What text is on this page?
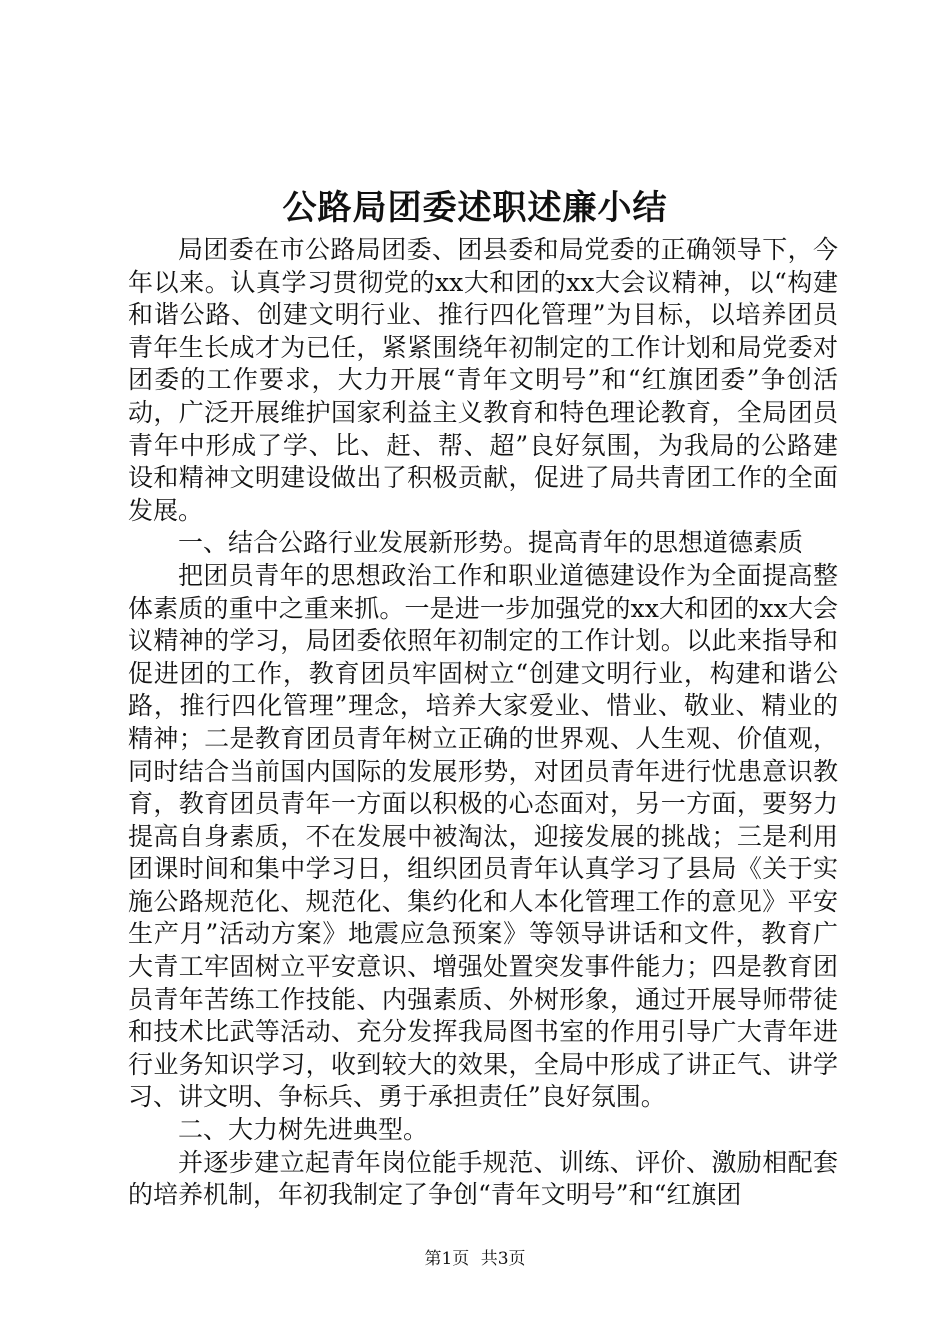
公路局团委述职述廉小结

局团委在市公路局团委、团县委和局党委的正确领导下，今年以来。认真学习贯彻党的xx大和团的xx大会议精神，以“构建和谐公路、创建文明行业、推行四化管理”为目标，以培养团员青年生长成才为已任，紧紧围绕年初制定的工作计划和局党委对团委的工作要求，大力开展“青年文明号”和“红旗团委”争创活动，广泛开展维护国家利益主义教育和特色理论教育，全局团员青年中形成了学、比、赶、帮、超”良好氛围，为我局的公路建设和精神文明建设做出了积极贡献，促进了局共青团工作的全面发展。

一、结合公路行业发展新形势。提高青年的思想道德素质

把团员青年的思想政治工作和职业道德建设作为全面提高整体素质的重中之重来抓。一是进一步加强党的xx大和团的xx大会议精神的学习，局团委依照年初制定的工作计划。以此来指导和促进团的工作，教育团员牢固树立“创建文明行业，构建和谐公路，推行四化管理”理念，培养大家爱业、惜业、敬业、精业的精神；二是教育团员青年树立正确的世界观、人生观、价值观，同时结合当前国内国际的发展形势，对团员青年进行忧患意识教育，教育团员青年一方面以积极的心态面对，另一方面，要努力提高自身素质，不在发展中被淘汰，迎接发展的挑战；三是利用团课时间和集中学习日，组织团员青年认真学习了县局《关于实施公路规范化、规范化、集约化和人本化管理工作的意见》平安生产月”活动方案》地震应急预案》等领导讲话和文件，教育广大青工牢固树立平安意识、增强处置突发事件能力；四是教育团员青年苦练工作技能、内强素质、外树形象，通过开展导师带徒和技术比武等活动、充分发挥我局图书室的作用引导广大青年进行业务知识学习，收到较大的效果，全局中形成了讲正气、讲学习、讲文明、争标兵、勇于承担责任”良好氛围。

二、大力树先进典型。

并逐步建立起青年岗位能手规范、训练、评价、激励相配套的培养机制，年初我制定了争创“青年文明号”和“红旗团

第1页 共3页
